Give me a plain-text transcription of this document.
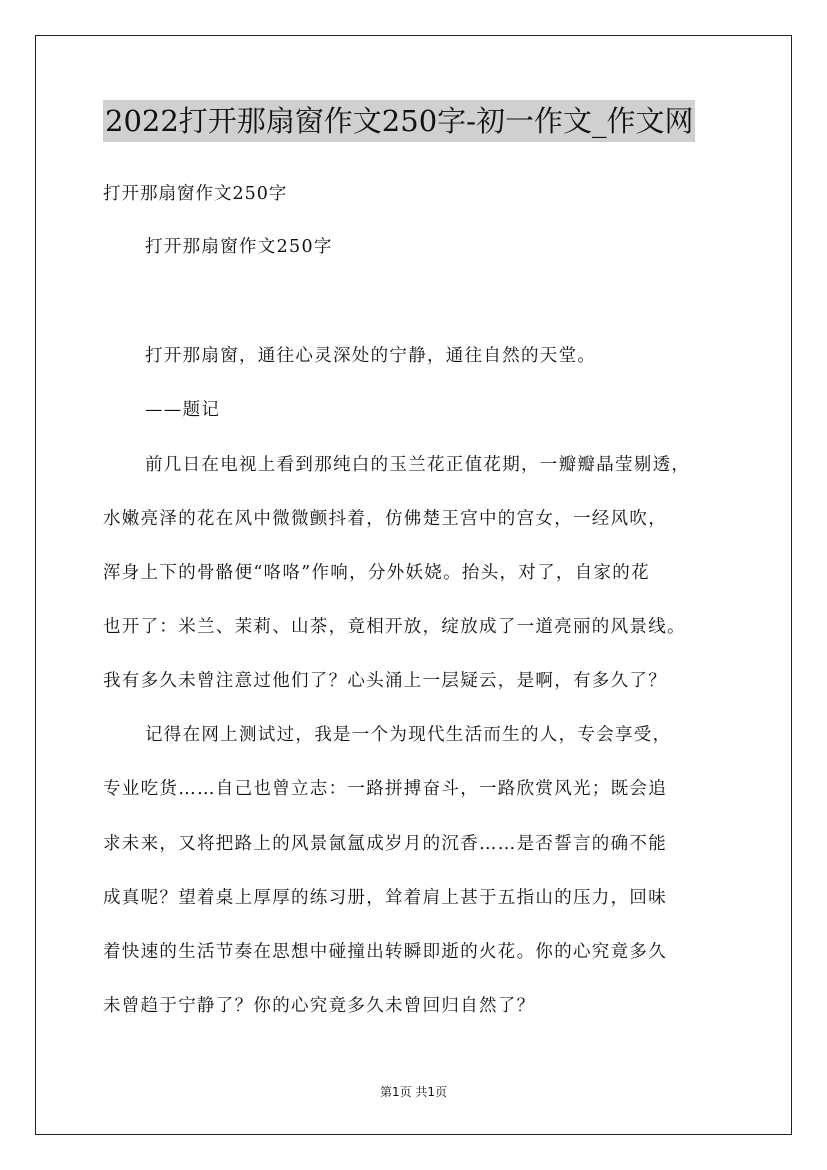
2022打开那扇窗作文250字-初一作文_作文网
打开那扇窗作文250字
打开那扇窗作文250字
打开那扇窗，通往心灵深处的宁静，通往自然的天堂。
——题记
前几日在电视上看到那纯白的玉兰花正值花期，一瓣瓣晶莹剔透，
水嫩亮泽的花在风中微微颤抖着，仿佛楚王宫中的宫女，一经风吹，
浑身上下的骨骼便“咯咯”作响，分外妖娆。抬头，对了，自家的花
也开了：米兰、茉莉、山茶，竟相开放，绽放成了一道亮丽的风景线。
我有多久未曾注意过他们了？心头涌上一层疑云，是啊，有多久了？
记得在网上测试过，我是一个为现代生活而生的人，专会享受，
专业吃货……自己也曾立志：一路拼搏奋斗，一路欣赏风光；既会追
求未来，又将把路上的风景氤氲成岁月的沉香……是否誓言的确不能
成真呢？望着桌上厚厚的练习册，耸着肩上甚于五指山的压力，回味
着快速的生活节奏在思想中碰撞出转瞬即逝的火花。你的心究竟多久
未曾趋于宁静了？你的心究竟多久未曾回归自然了？
第1页 共1页
